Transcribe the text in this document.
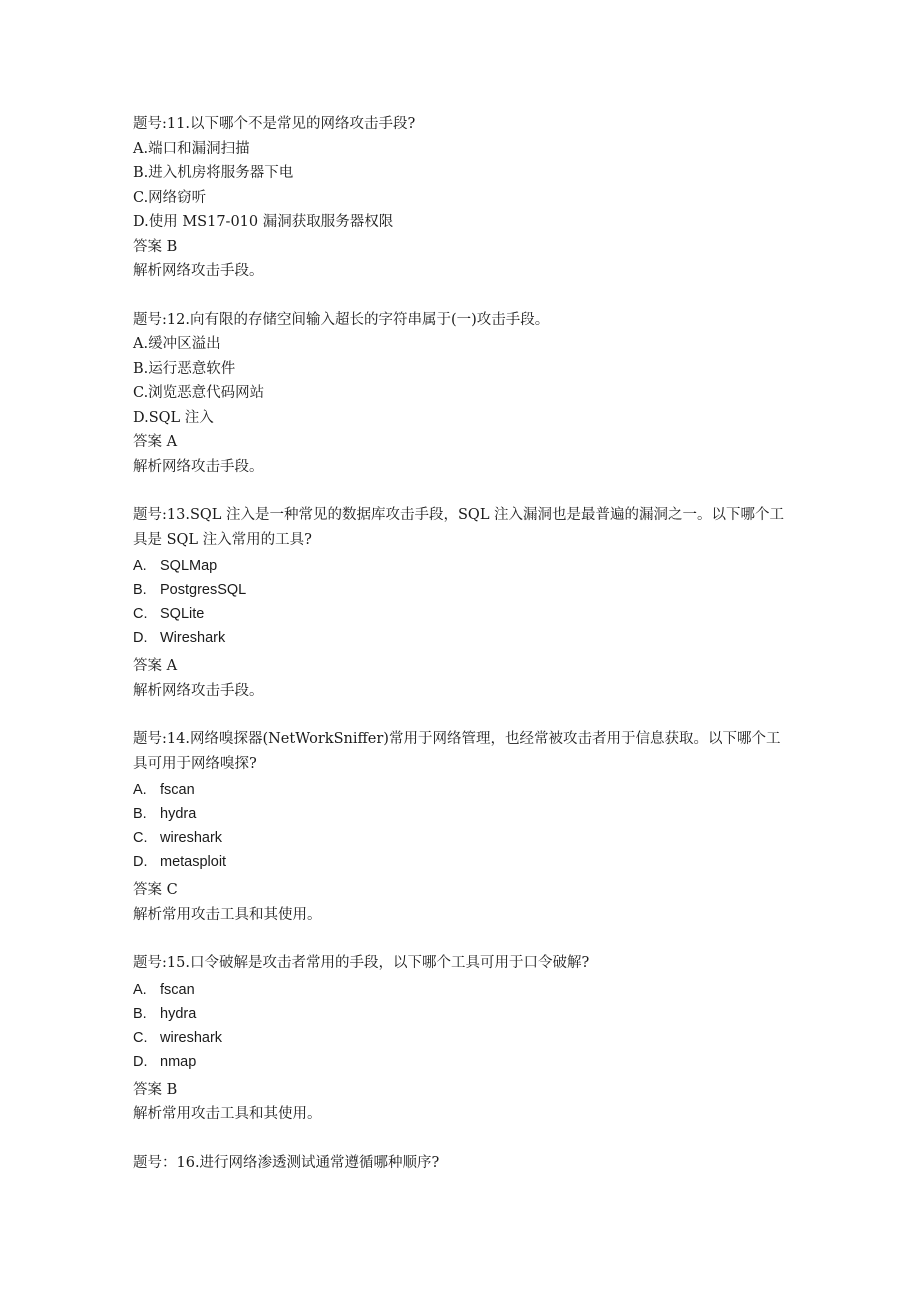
题号:11.以下哪个不是常见的网络攻击手段?
A.端口和漏洞扫描
B.进入机房将服务器下电
C.网络窃听
D.使用 MS17-010 漏洞获取服务器权限
答案 B
解析网络攻击手段。
题号:12.向有限的存储空间输入超长的字符串属于(一)攻击手段。
A.缓冲区溢出
B.运行恶意软件
C.浏览恶意代码网站
D.SQL 注入
答案 A
解析网络攻击手段。
题号:13.SQL 注入是一种常见的数据库攻击手段，SQL 注入漏洞也是最普遍的漏洞之一。以下哪个工具是 SQL 注入常用的工具?
A. SQLMap
B. PostgresSQL
C. SQLite
D. Wireshark
答案 A
解析网络攻击手段。
题号:14.网络嗅探器(NetWorkSniffer)常用于网络管理，也经常被攻击者用于信息获取。以下哪个工具可用于网络嗅探?
A. fscan
B. hydra
C. wireshark
D. metasploit
答案 C
解析常用攻击工具和其使用。
题号:15.口令破解是攻击者常用的手段，以下哪个工具可用于口令破解?
A. fscan
B. hydra
C. wireshark
D. nmap
答案 B
解析常用攻击工具和其使用。
题号：16.进行网络渗透测试通常遵循哪种顺序?
